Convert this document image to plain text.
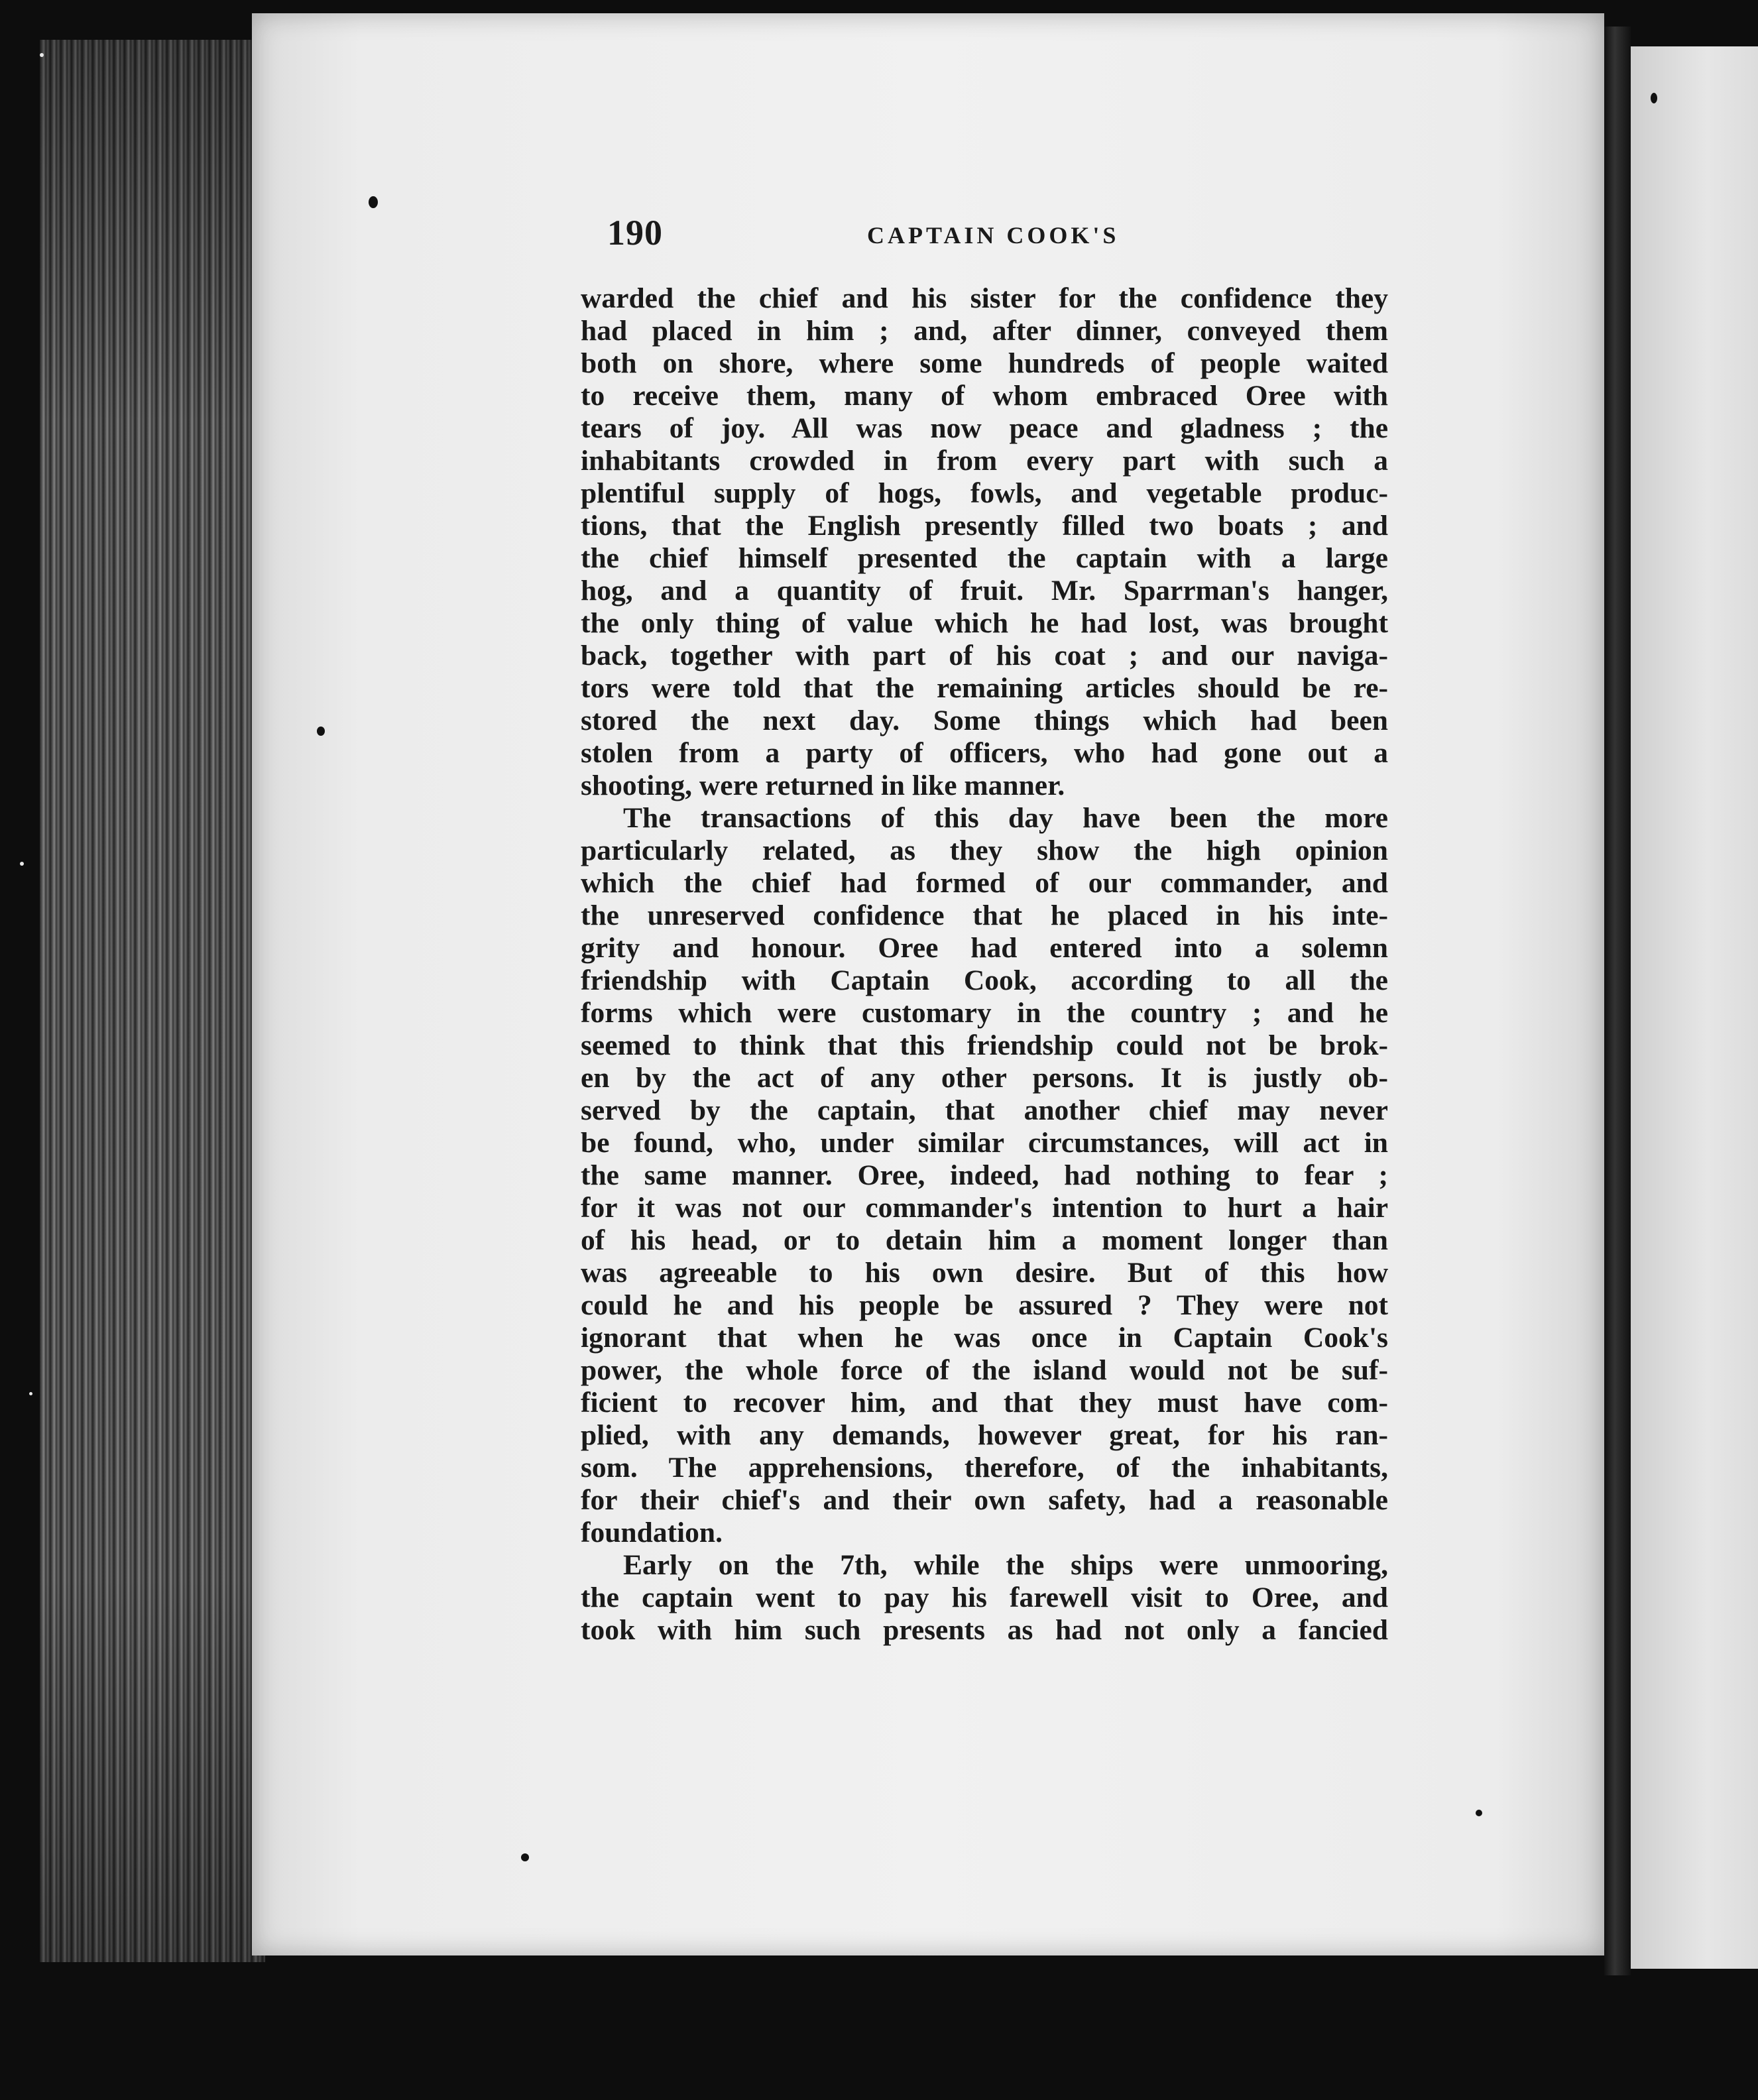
190	CAPTAIN COOK'S
warded the chief and his sister for the confidence they
had placed in him ; and, after dinner, conveyed them
both on shore, where some hundreds of people waited
to receive them, many of whom embraced Oree with
tears of joy. All was now peace and gladness ; the
inhabitants crowded in from every part with such a
plentiful supply of hogs, fowls, and vegetable produc-
tions, that the English presently filled two boats ; and
the chief himself presented the captain with a large
hog, and a quantity of fruit. Mr. Sparrman's hanger,
the only thing of value which he had lost, was brought
back, together with part of his coat ; and our naviga-
tors were told that the remaining articles should be re-
stored the next day. Some things which had been
stolen from a party of officers, who had gone out a
shooting, were returned in like manner.
The transactions of this day have been the more
particularly related, as they show the high opinion
which the chief had formed of our commander, and
the unreserved confidence that he placed in his inte-
grity and honour. Oree had entered into a solemn
friendship with Captain Cook, according to all the
forms which were customary in the country ; and he
seemed to think that this friendship could not be brok-
en by the act of any other persons. It is justly ob-
served by the captain, that another chief may never
be found, who, under similar circumstances, will act in
the same manner. Oree, indeed, had nothing to fear ;
for it was not our commander's intention to hurt a hair
of his head, or to detain him a moment longer than
was agreeable to his own desire. But of this how
could he and his people be assured ? They were not
ignorant that when he was once in Captain Cook's
power, the whole force of the island would not be suf-
ficient to recover him, and that they must have com-
plied, with any demands, however great, for his ran-
som. The apprehensions, therefore, of the inhabitants,
for their chief's and their own safety, had a reasonable
foundation.
Early on the 7th, while the ships were unmooring,
the captain went to pay his farewell visit to Oree, and
took with him such presents as had not only a fancied
